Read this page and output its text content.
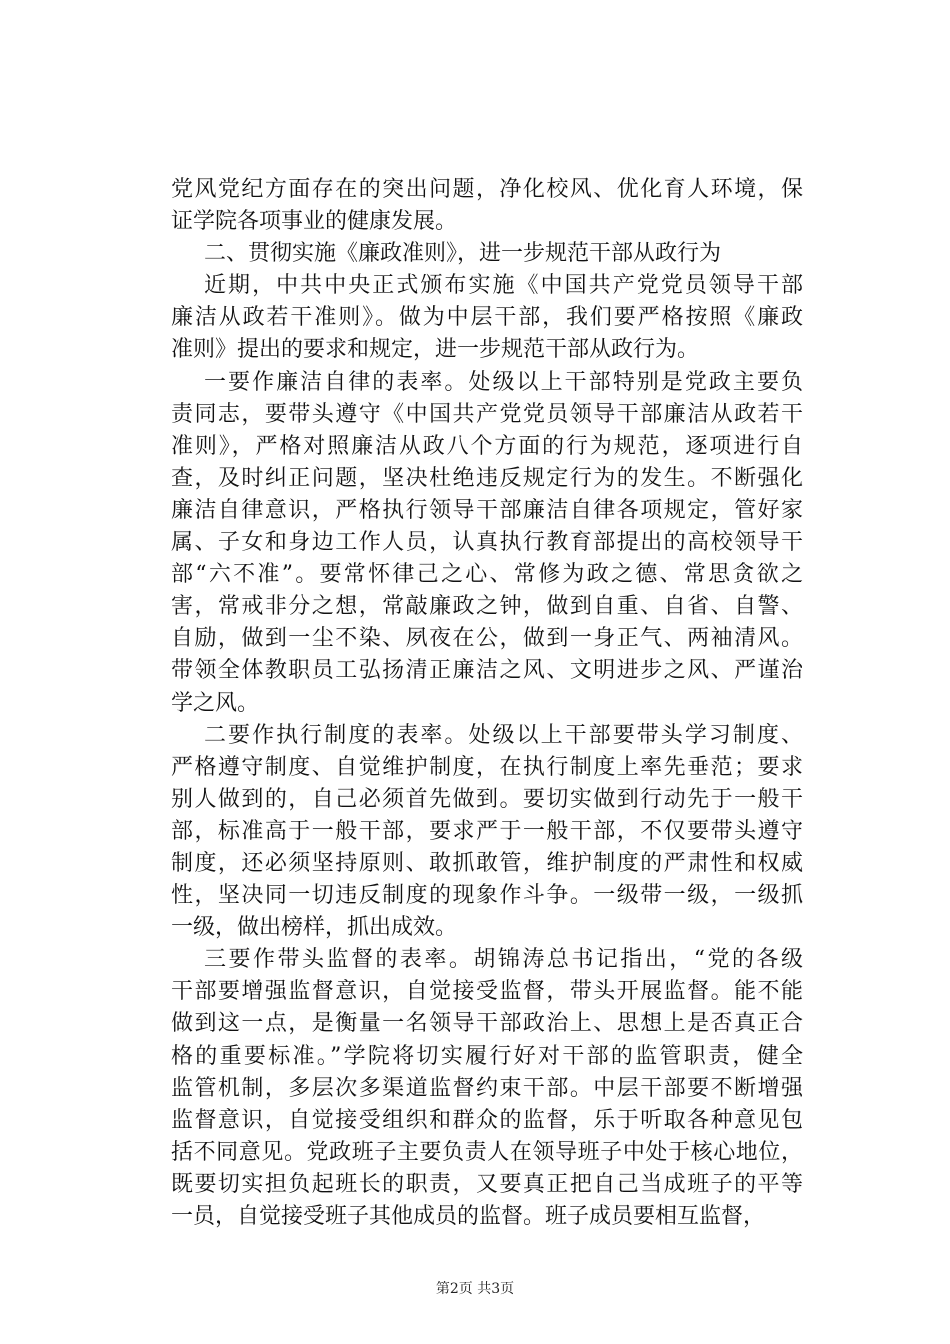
党风党纪方面存在的突出问题，净化校风、优化育人环境，保
证学院各项事业的健康发展。
二、贯彻实施《廉政准则》，进一步规范干部从政行为
近期，中共中央正式颁布实施《中国共产党党员领导干部
廉洁从政若干准则》。做为中层干部，我们要严格按照《廉政
准则》提出的要求和规定，进一步规范干部从政行为。
一要作廉洁自律的表率。处级以上干部特别是党政主要负
责同志，要带头遵守《中国共产党党员领导干部廉洁从政若干
准则》，严格对照廉洁从政八个方面的行为规范，逐项进行自
查，及时纠正问题，坚决杜绝违反规定行为的发生。不断强化
廉洁自律意识，严格执行领导干部廉洁自律各项规定，管好家
属、子女和身边工作人员，认真执行教育部提出的高校领导干
部“六不准”。要常怀律己之心、常修为政之德、常思贪欲之
害，常戒非分之想，常敲廉政之钟，做到自重、自省、自警、
自励，做到一尘不染、夙夜在公，做到一身正气、两袖清风。
带领全体教职员工弘扬清正廉洁之风、文明进步之风、严谨治
学之风。
二要作执行制度的表率。处级以上干部要带头学习制度、
严格遵守制度、自觉维护制度，在执行制度上率先垂范；要求
别人做到的，自己必须首先做到。要切实做到行动先于一般干
部，标准高于一般干部，要求严于一般干部，不仅要带头遵守
制度，还必须坚持原则、敢抓敢管，维护制度的严肃性和权威
性，坚决同一切违反制度的现象作斗争。一级带一级，一级抓
一级，做出榜样，抓出成效。
三要作带头监督的表率。胡锦涛总书记指出，“党的各级
干部要增强监督意识，自觉接受监督，带头开展监督。能不能
做到这一点，是衡量一名领导干部政治上、思想上是否真正合
格的重要标准。”学院将切实履行好对干部的监管职责，健全
监管机制，多层次多渠道监督约束干部。中层干部要不断增强
监督意识，自觉接受组织和群众的监督，乐于听取各种意见包
括不同意见。党政班子主要负责人在领导班子中处于核心地位，
既要切实担负起班长的职责，又要真正把自己当成班子的平等
一员，自觉接受班子其他成员的监督。班子成员要相互监督，
第2页 共3页
